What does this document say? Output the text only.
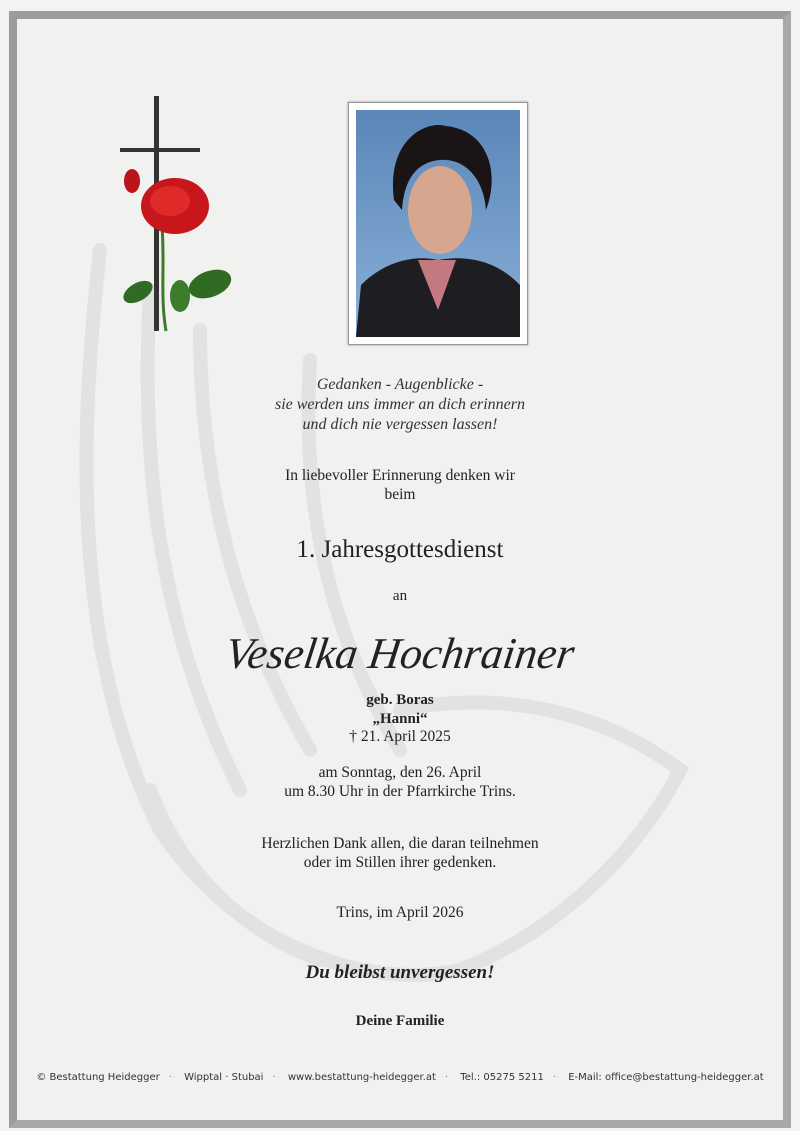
Gedanken - Augenblicke -
sie werden uns immer an dich erinnern
und dich nie vergessen lassen!
In liebevoller Erinnerung denken wir
beim
1. Jahresgottesdienst
an
Veselka Hochrainer
geb. Boras
„Hanni“
† 21. April 2025
am Sonntag, den 26. April
um 8.30 Uhr in der Pfarrkirche Trins.
Herzlichen Dank allen, die daran teilnehmen
oder im Stillen ihrer gedenken.
Trins, im April 2026
Du bleibst unvergessen!
Deine Familie
© Bestattung Heidegger · Wipptal · Stubai · www.bestattung-heidegger.at · Tel.: 05275 5211 · E-Mail: office@bestattung-heidegger.at
